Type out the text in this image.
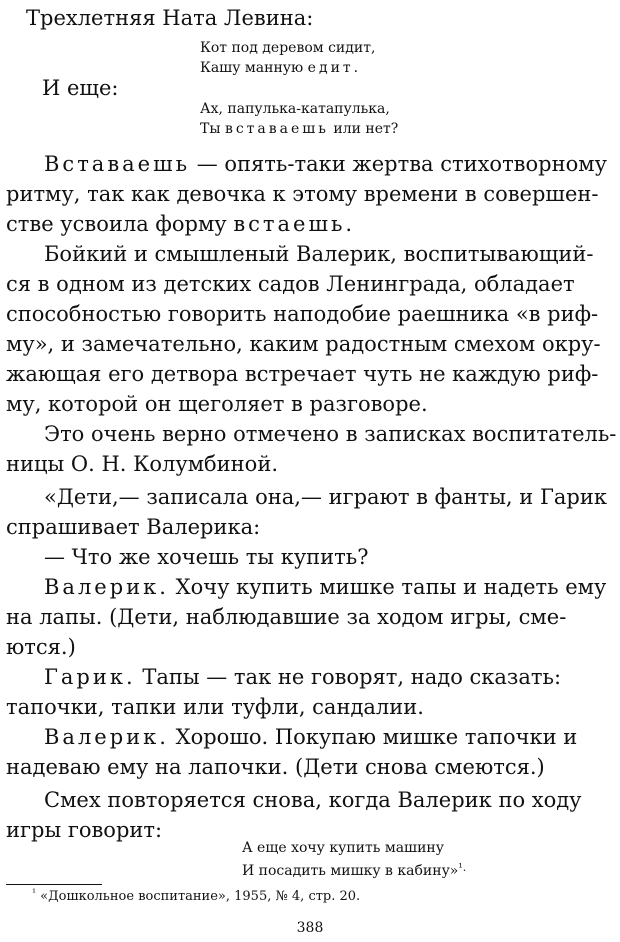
Трехлетняя Ната Левина:
Кот под деревом сидит,
Кашу манную едит.
И еще:
Ах, папулька-катапулька,
Ты вставаешь или нет?
Вставаешь — опять-таки жертва стихотворному
ритму, так как девочка к этому времени в совершен-
стве усвоила форму встаешь.
Бойкий и смышленый Валерик, воспитывающий-
ся в одном из детских садов Ленинграда, обладает
способностью говорить наподобие раешника «в риф-
му», и замечательно, каким радостным смехом окру-
жающая его детвора встречает чуть не каждую риф-
му, которой он щеголяет в разговоре.
Это очень верно отмечено в записках воспитатель-
ницы О. Н. Колумбиной.
«Дети,— записала она,— играют в фанты, и Гарик
спрашивает Валерика:
— Что же хочешь ты купить?
Валерик. Хочу купить мишке тапы и надеть ему
на лапы. (Дети, наблюдавшие за ходом игры, сме-
ются.)
Гарик. Тапы — так не говорят, надо сказать:
тапочки, тапки или туфли, сандалии.
Валерик. Хорошо. Покупаю мишке тапочки и
надеваю ему на лапочки. (Дети снова смеются.)
Смех повторяется снова, когда Валерик по ходу
игры говорит:
А еще хочу купить машину
И посадить мишку в кабину»$^{^1.}$
$^{^1}$ «Дошкольное воспитание», 1955, № 4, стр. 20.
388
